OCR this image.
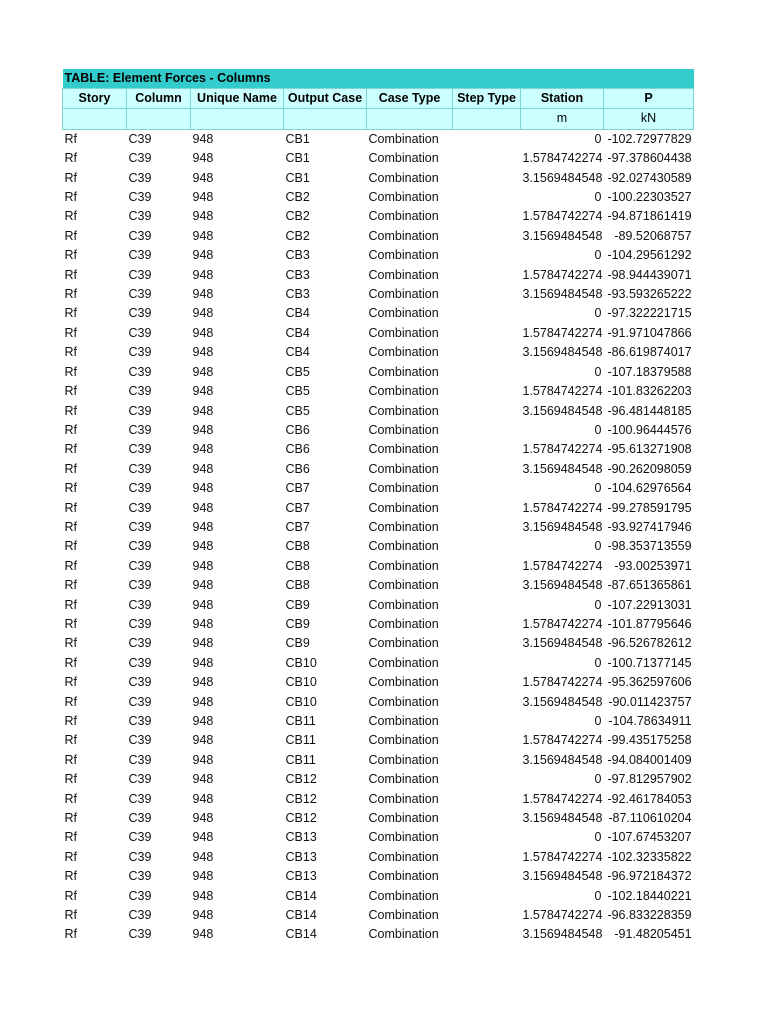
TABLE: Element Forces - Columns							
Story	Column	Unique Name	Output Case	Case Type	Step Type	Station	P
						m	kN
Rf	C39	948	CB1	Combination		0	-102.72977829
Rf	C39	948	CB1	Combination		1.5784742274	-97.378604438
Rf	C39	948	CB1	Combination		3.1569484548	-92.027430589
Rf	C39	948	CB2	Combination		0	-100.22303527
Rf	C39	948	CB2	Combination		1.5784742274	-94.871861419
Rf	C39	948	CB2	Combination		3.1569484548	-89.52068757
Rf	C39	948	CB3	Combination		0	-104.29561292
Rf	C39	948	CB3	Combination		1.5784742274	-98.944439071
Rf	C39	948	CB3	Combination		3.1569484548	-93.593265222
Rf	C39	948	CB4	Combination		0	-97.322221715
Rf	C39	948	CB4	Combination		1.5784742274	-91.971047866
Rf	C39	948	CB4	Combination		3.1569484548	-86.619874017
Rf	C39	948	CB5	Combination		0	-107.18379588
Rf	C39	948	CB5	Combination		1.5784742274	-101.83262203
Rf	C39	948	CB5	Combination		3.1569484548	-96.481448185
Rf	C39	948	CB6	Combination		0	-100.96444576
Rf	C39	948	CB6	Combination		1.5784742274	-95.613271908
Rf	C39	948	CB6	Combination		3.1569484548	-90.262098059
Rf	C39	948	CB7	Combination		0	-104.62976564
Rf	C39	948	CB7	Combination		1.5784742274	-99.278591795
Rf	C39	948	CB7	Combination		3.1569484548	-93.927417946
Rf	C39	948	CB8	Combination		0	-98.353713559
Rf	C39	948	CB8	Combination		1.5784742274	-93.00253971
Rf	C39	948	CB8	Combination		3.1569484548	-87.651365861
Rf	C39	948	CB9	Combination		0	-107.22913031
Rf	C39	948	CB9	Combination		1.5784742274	-101.87795646
Rf	C39	948	CB9	Combination		3.1569484548	-96.526782612
Rf	C39	948	CB10	Combination		0	-100.71377145
Rf	C39	948	CB10	Combination		1.5784742274	-95.362597606
Rf	C39	948	CB10	Combination		3.1569484548	-90.011423757
Rf	C39	948	CB11	Combination		0	-104.78634911
Rf	C39	948	CB11	Combination		1.5784742274	-99.435175258
Rf	C39	948	CB11	Combination		3.1569484548	-94.084001409
Rf	C39	948	CB12	Combination		0	-97.812957902
Rf	C39	948	CB12	Combination		1.5784742274	-92.461784053
Rf	C39	948	CB12	Combination		3.1569484548	-87.110610204
Rf	C39	948	CB13	Combination		0	-107.67453207
Rf	C39	948	CB13	Combination		1.5784742274	-102.32335822
Rf	C39	948	CB13	Combination		3.1569484548	-96.972184372
Rf	C39	948	CB14	Combination		0	-102.18440221
Rf	C39	948	CB14	Combination		1.5784742274	-96.833228359
Rf	C39	948	CB14	Combination		3.1569484548	-91.48205451
